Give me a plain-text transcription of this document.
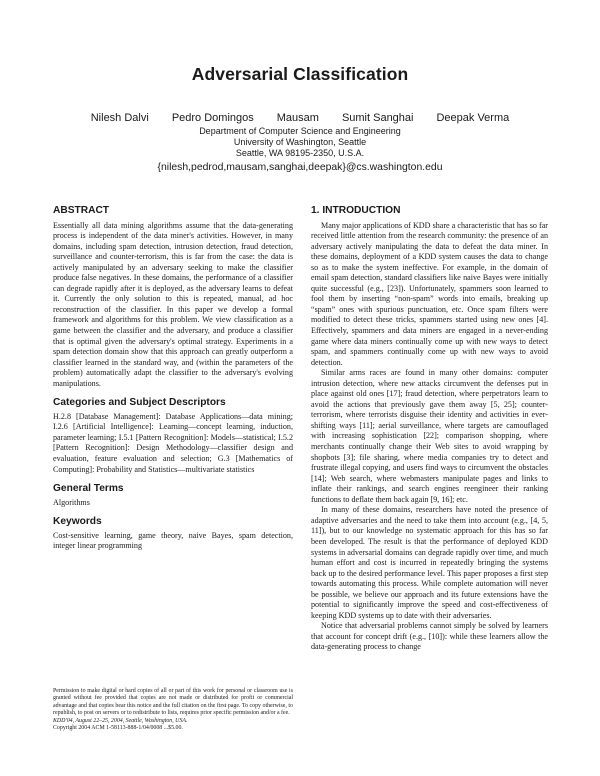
Adversarial Classification
Nilesh Dalvi Pedro Domingos Mausam Sumit Sanghai Deepak Verma
Department of Computer Science and Engineering
University of Washington, Seattle
Seattle, WA 98195-2350, U.S.A.
{nilesh,pedrod,mausam,sanghai,deepak}@cs.washington.edu
ABSTRACT

Essentially all data mining algorithms assume that the data-generating process is independent of the data miner's activities. However, in many domains, including spam detection, intrusion detection, fraud detection, surveillance and counter-terrorism, this is far from the case: the data is actively manipulated by an adversary seeking to make the classifier produce false negatives. In these domains, the performance of a classifier can degrade rapidly after it is deployed, as the adversary learns to defeat it. Currently the only solution to this is repeated, manual, ad hoc reconstruction of the classifier. In this paper we develop a formal framework and algorithms for this problem. We view classification as a game between the classifier and the adversary, and produce a classifier that is optimal given the adversary's optimal strategy. Experiments in a spam detection domain show that this approach can greatly outperform a classifier learned in the standard way, and (within the parameters of the problem) automatically adapt the classifier to the adversary's evolving manipulations.

Categories and Subject Descriptors

H.2.8 [Database Management]: Database Applications—data mining; I.2.6 [Artificial Intelligence]: Learning—concept learning, induction, parameter learning; I.5.1 [Pattern Recognition]: Models—statistical; I.5.2 [Pattern Recognition]: Design Methodology—classifier design and evaluation, feature evaluation and selection; G.3 [Mathematics of Computing]: Probability and Statistics—multivariate statistics

General Terms

Algorithms

Keywords

Cost-sensitive learning, game theory, naive Bayes, spam detection, integer linear programming

Permission to make digital or hard copies of all or part of this work for personal or classroom use is granted without fee provided that copies are not made or distributed for profit or commercial advantage and that copies bear this notice and the full citation on the first page. To copy otherwise, to republish, to post on servers or to redistribute to lists, requires prior specific permission and/or a fee.

KDD'04, August 22–25, 2004, Seattle, Washington, USA.

Copyright 2004 ACM 1-58113-888-1/04/0008 ...$5.00.

1. INTRODUCTION

Many major applications of KDD share a characteristic that has so far received little attention from the research community: the presence of an adversary actively manipulating the data to defeat the data miner. In these domains, deployment of a KDD system causes the data to change so as to make the system ineffective. For example, in the domain of email spam detection, standard classifiers like naive Bayes were initially quite successful (e.g., [23]). Unfortunately, spammers soon learned to fool them by inserting “non-spam” words into emails, breaking up “spam” ones with spurious punctuation, etc. Once spam filters were modified to detect these tricks, spammers started using new ones [4]. Effectively, spammers and data miners are engaged in a never-ending game where data miners continually come up with new ways to detect spam, and spammers continually come up with new ways to avoid detection.

Similar arms races are found in many other domains: computer intrusion detection, where new attacks circumvent the defenses put in place against old ones [17]; fraud detection, where perpetrators learn to avoid the actions that previously gave them away [5, 25]; counter-terrorism, where terrorists disguise their identity and activities in ever-shifting ways [11]; aerial surveillance, where targets are camouflaged with increasing sophistication [22]; comparison shopping, where merchants continually change their Web sites to avoid wrapping by shopbots [3]; file sharing, where media companies try to detect and frustrate illegal copying, and users find ways to circumvent the obstacles [14]; Web search, where webmasters manipulate pages and links to inflate their rankings, and search engines reengineer their ranking functions to deflate them back again [9, 16]; etc.

In many of these domains, researchers have noted the presence of adaptive adversaries and the need to take them into account (e.g., [4, 5, 11]), but to our knowledge no systematic approach for this has so far been developed. The result is that the performance of deployed KDD systems in adversarial domains can degrade rapidly over time, and much human effort and cost is incurred in repeatedly bringing the systems back up to the desired performance level. This paper proposes a first step towards automating this process. While complete automation will never be possible, we believe our approach and its future extensions have the potential to significantly improve the speed and cost-effectiveness of keeping KDD systems up to date with their adversaries.

Notice that adversarial problems cannot simply be solved by learners that account for concept drift (e.g., [10]): while these learners allow the data-generating process to change
